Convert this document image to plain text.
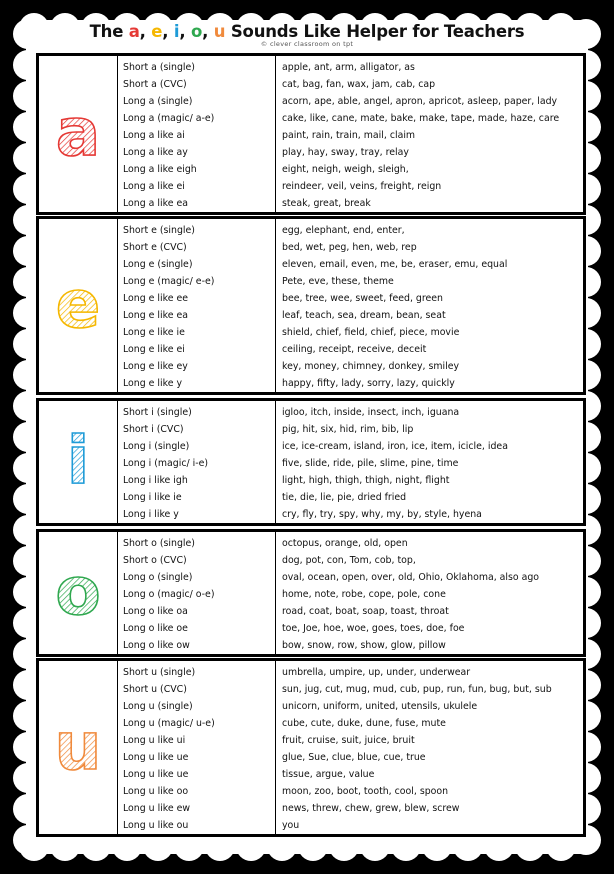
The a, e, i, o, u Sounds Like Helper for Teachers
© clever classroom on tpt
a
Short a (single)
Short a (CVC)
Long a (single)
Long a (magic/ a-e)
Long a like ai
Long a like ay
Long a like eigh
Long a like ei
Long a like ea
apple, ant, arm, alligator, as
cat, bag, fan, wax, jam, cab, cap
acorn, ape, able, angel, apron, apricot, asleep, paper, lady
cake, like, cane, mate, bake, make, tape, made, haze, care
paint, rain, train, mail, claim
play, hay, sway, tray, relay
eight, neigh, weigh, sleigh,
reindeer, veil, veins, freight, reign
steak, great, break
e
Short e (single)
Short e (CVC)
Long e (single)
Long e (magic/ e-e)
Long e like ee
Long e like ea
Long e like ie
Long e like ei
Long e like ey
Long e like y
egg, elephant, end, enter,
bed, wet, peg, hen, web, rep
eleven, email, even, me, be, eraser, emu, equal
Pete, eve, these, theme
bee, tree, wee, sweet, feed, green
leaf, teach, sea, dream, bean, seat
shield, chief, field, chief, piece, movie
ceiling, receipt, receive, deceit
key, money, chimney, donkey, smiley
happy, fifty, lady, sorry, lazy, quickly
i
Short i (single)
Short i (CVC)
Long i (single)
Long i (magic/ i-e)
Long i like igh
Long i like ie
Long i like y
igloo, itch, inside, insect, inch, iguana
pig, hit, six, hid, rim, bib, lip
ice, ice-cream, island, iron, ice, item, icicle, idea
five, slide, ride, pile, slime, pine, time
light, high, thigh, thigh, night, flight
tie, die, lie, pie, dried fried
cry, fly, try, spy, why, my, by, style, hyena
o
Short o (single)
Short o (CVC)
Long o (single)
Long o (magic/ o-e)
Long o like oa
Long o like oe
Long o like ow
octopus, orange, old, open
dog, pot, con, Tom, cob, top,
oval, ocean, open, over, old, Ohio, Oklahoma, also ago
home, note, robe, cope, pole, cone
road, coat, boat, soap, toast, throat
toe, Joe, hoe, woe, goes, toes, doe, foe
bow, snow, row, show, glow, pillow
u
Short u (single)
Short u (CVC)
Long u (single)
Long u (magic/ u-e)
Long u like ui
Long u like ue
Long u like ue
Long u like oo
Long u like ew
Long u like ou
umbrella, umpire, up, under, underwear
sun, jug, cut, mug, mud, cub, pup, run, fun, bug, but, sub
unicorn, uniform, united, utensils, ukulele
cube, cute, duke, dune, fuse, mute
fruit, cruise, suit, juice, bruit
glue, Sue, clue, blue, cue, true
tissue, argue, value
moon, zoo, boot, tooth, cool, spoon
news, threw, chew, grew, blew, screw
you
